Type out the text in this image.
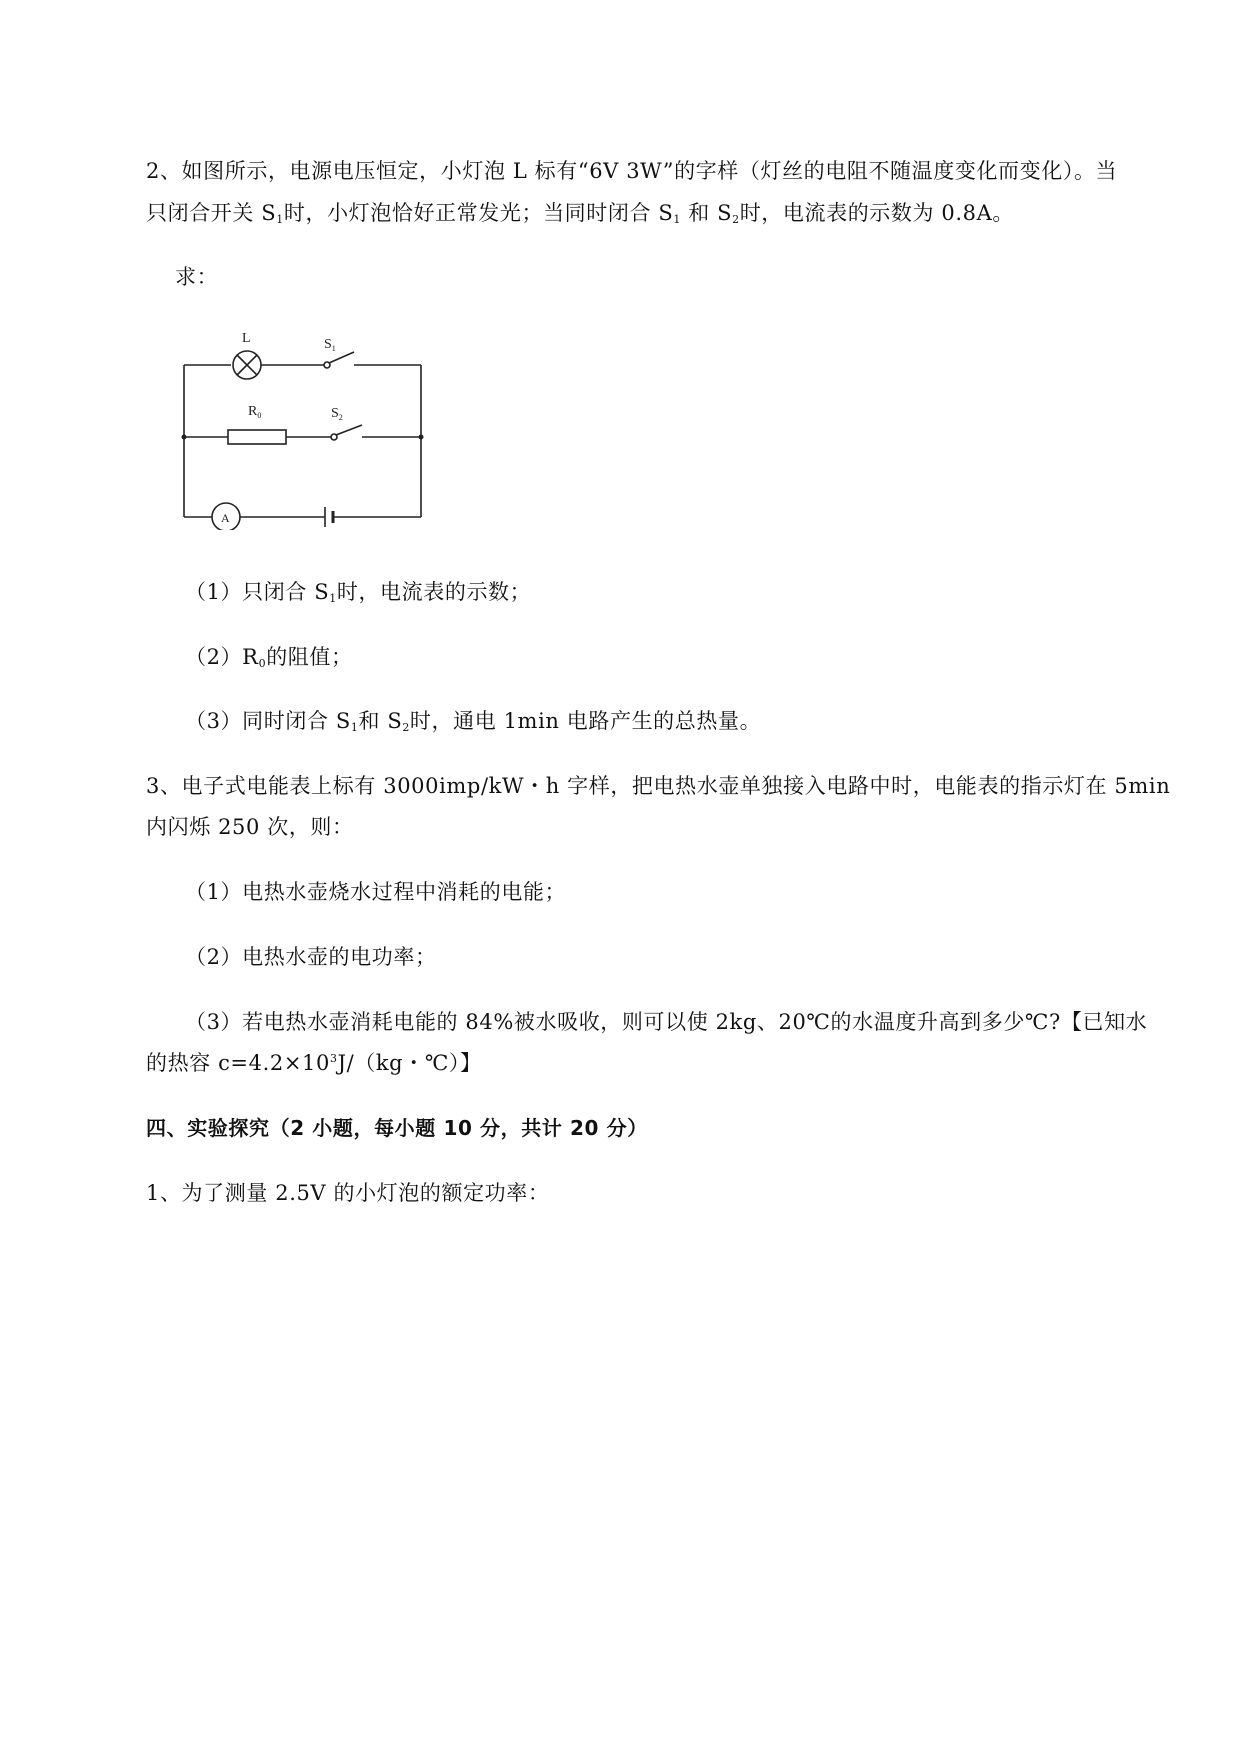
2、如图所示，电源电压恒定，小灯泡 L 标有“6V 3W”的字样（灯丝的电阻不随温度变化而变化）。当
只闭合开关 $S_1$时，小灯泡恰好正常发光；当同时闭合 $S_1$ 和 $S_2$时，电流表的示数为 0.8A。
求：
L	$S_1$
$R_0$	$S_2$
A
（1）只闭合 $S_1$时，电流表的示数；
$(2)R_0$的阻值；
（3）同时闭合 $S_1$和 $S_2$时，通电 1min 电路产生的总热量。
3、电子式电能表上标有 3000imp/kW・h 字样，把电热水壶单独接入电路中时，电能表的指示灯在 5min
内闪烁 250 次，则：
（1）电热水壶烧水过程中消耗的电能；
（2）电热水壶的电功率；
（3）若电热水壶消耗电能的 84%被水吸收，则可以使 2kg、20℃的水温度升高到多少℃?【已知水
的热容 $c=4.2\times 10^3J/(kg$・℃）】
四、实验探究（2 小题，每小题 10 分，共计 20 分）
1、为了测量 2.5V 的小灯泡的额定功率：
